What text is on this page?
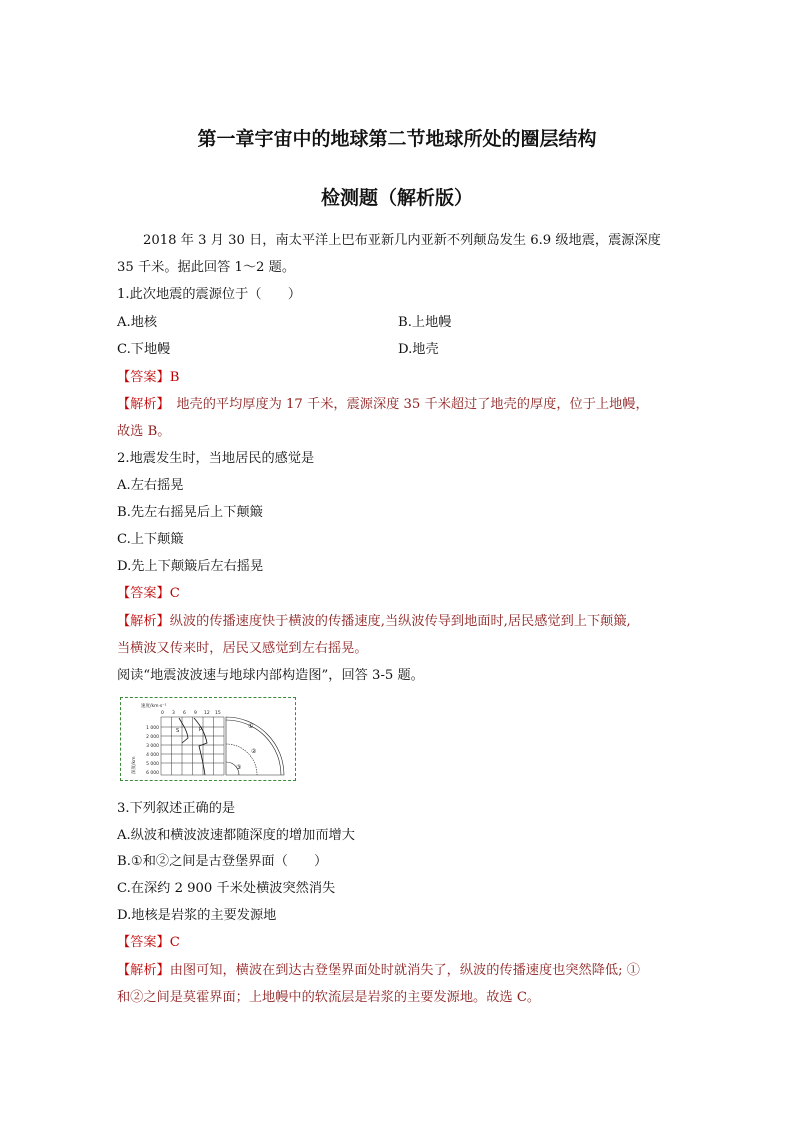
第一章宇宙中的地球第二节地球所处的圈层结构
检测题（解析版）
2018 年 3 月 30 日，南太平洋上巴布亚新几内亚新不列颠岛发生 6.9 级地震，震源深度
35 千米。据此回答 1～2 题。
1.此次地震的震源位于（　　）
A.地核	B.上地幔
C.下地幔	D.地壳
【答案】B
【解析】　地壳的平均厚度为 17 千米，震源深度 35 千米超过了地壳的厚度，位于上地幔，
故选 B。
2.地震发生时，当地居民的感觉是
A.左右摇晃
B.先左右摇晃后上下颠簸
C.上下颠簸
D.先上下颠簸后左右摇晃
【答案】C
【解析】纵波的传播速度快于横波的传播速度,当纵波传导到地面时,居民感觉到上下颠簸,
当横波又传来时，居民又感觉到左右摇晃。
阅读“地震波波速与地球内部构造图”，回答 3-5 题。
速度/km·s⁻¹
0 3 6 9 12 15
1 000
2 000
3 000
4 000
5 000
6 000
深度/km
S	P	①
②
③
3.下列叙述正确的是
A.纵波和横波波速都随深度的增加而增大
B.①和②之间是古登堡界面（　　）
C.在深约 2 900 千米处横波突然消失
D.地核是岩浆的主要发源地
【答案】C
【解析】由图可知，横波在到达古登堡界面处时就消失了，纵波的传播速度也突然降低; ①
和②之间是莫霍界面；上地幔中的软流层是岩浆的主要发源地。故选 C。
